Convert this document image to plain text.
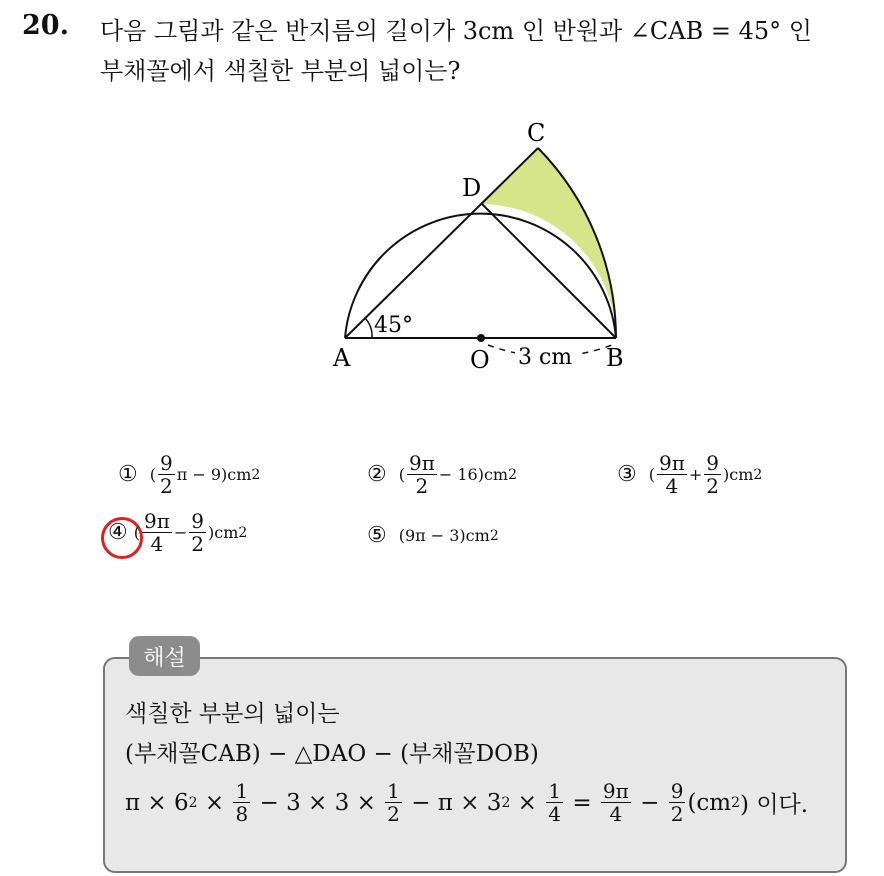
20. 다음 그림과 같은 반지름의 길이가 3cm 인 반원과 ∠CAB = 45° 인
부채꼴에서 색칠한 부분의 넓이는?
A	B
C
D
O
45°
3 cm
① ( $\frac{9}{2}$ π − 9)cm 2	② ( $\frac{9\pi}{2} - 16)cm$ 2	③ ( $\frac{9\pi}{4} + \frac{9}{2} )cm$ 2
④ ( $\frac{9\pi}{4} - \frac{9}{2} )cm$ 2	⑤ (9π − 3)cm 2
해설
색칠한 부분의 넓이는
(부채꼴CAB) − △DAO − (부채꼴DOB)
π × 6 $2 \times \frac{1}{8} - 3 \times 3 \times \frac{1}{2} - \pi \times 3$ $2 \times \frac{1}{4} = \frac{9\pi}{4} - \frac{9}{2} (cm$ 2 ) 이다.
